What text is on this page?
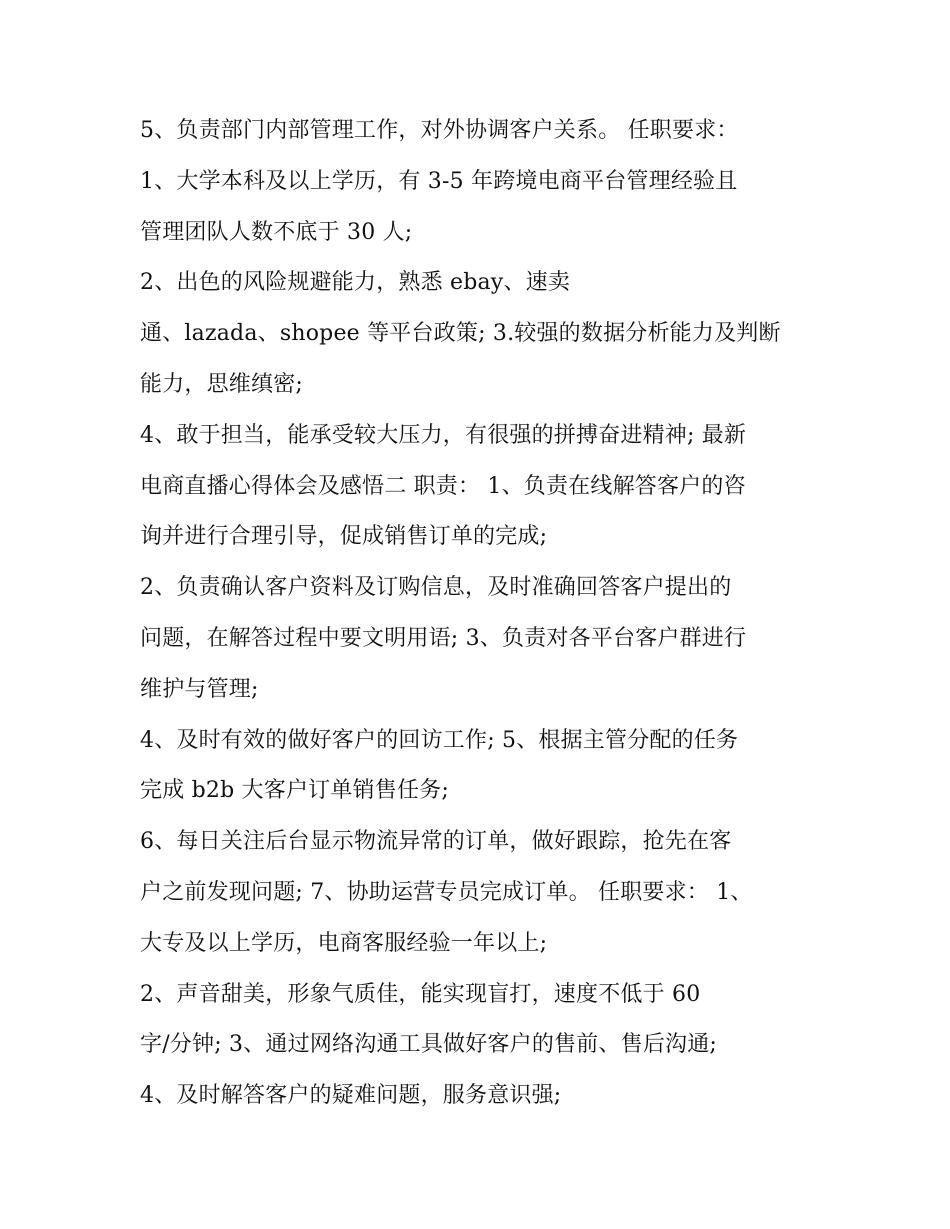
5、负责部门内部管理工作，对外协调客户关系。 任职要求：
1、大学本科及以上学历，有 3-5 年跨境电商平台管理经验且
管理团队人数不底于 30 人;
2、出色的风险规避能力，熟悉 ebay、速卖
通、lazada、shopee 等平台政策; 3.较强的数据分析能力及判断
能力，思维缜密;
4、敢于担当，能承受较大压力，有很强的拼搏奋进精神; 最新
电商直播心得体会及感悟二 职责： 1、负责在线解答客户的咨
询并进行合理引导，促成销售订单的完成;
2、负责确认客户资料及订购信息，及时准确回答客户提出的
问题，在解答过程中要文明用语; 3、负责对各平台客户群进行
维护与管理;
4、及时有效的做好客户的回访工作; 5、根据主管分配的任务
完成 b2b 大客户订单销售任务;
6、每日关注后台显示物流异常的订单，做好跟踪，抢先在客
户之前发现问题; 7、协助运营专员完成订单。 任职要求： 1、
大专及以上学历，电商客服经验一年以上;
2、声音甜美，形象气质佳，能实现盲打，速度不低于 60
字/分钟; 3、通过网络沟通工具做好客户的售前、售后沟通;
4、及时解答客户的疑难问题，服务意识强;
